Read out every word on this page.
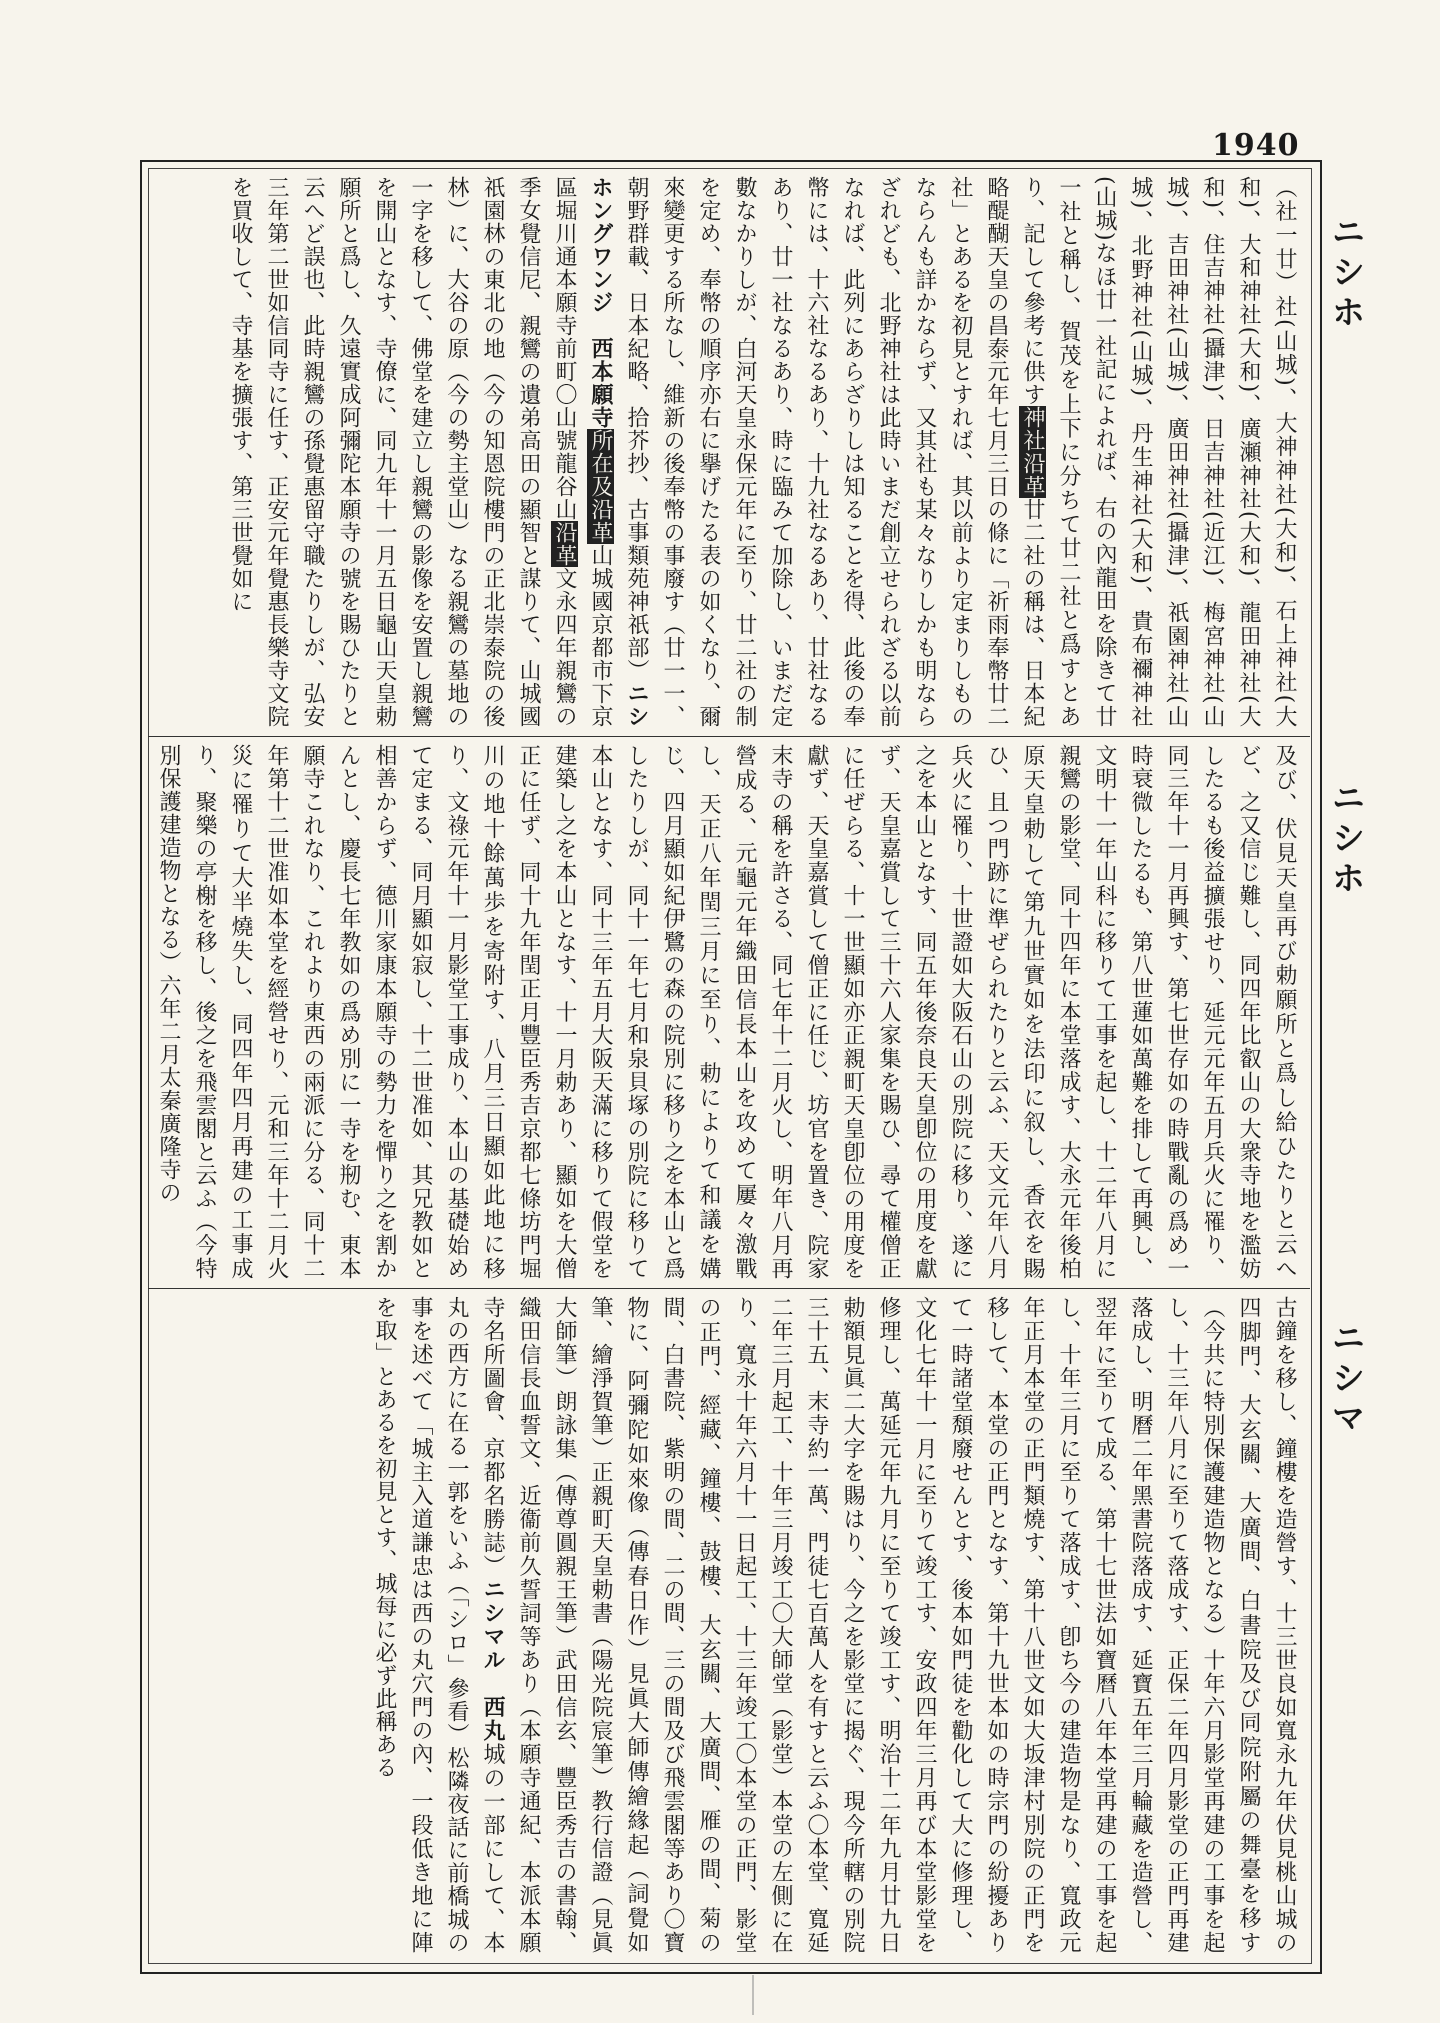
1940
ニシホ
ニシホ
ニシマ
（社一廿）社(山城)、大神神社(大和)、石上神社(大和)、大和神社(大和)、廣瀬神社(大和)、龍田神社(大和)、住吉神社(攝津)、日吉神社(近江)、梅宮神社(山城)、吉田神社(山城)、廣田神社(攝津)、祇園神社(山城)、北野神社(山城)、丹生神社(大和)、貴布禰神社(山城)なほ廿一社記によれば、右の內龍田を除きて廿一社と稱し、賀茂を上下に分ちて廿二社と爲すとあり、記して參考に供す神社沿革廿二社の稱は、日本紀略醍醐天皇の昌泰元年七月三日の條に「祈雨奉幣廿二社」とあるを初見とすれば、其以前より定まりしものならんも詳かならず、又其社も某々なりしかも明ならざれども、北野神社は此時いまだ創立せられざる以前なれば、此列にあらざりしは知ることを得、此後の奉幣には、十六社なるあり、十九社なるあり、廿社なるあり、廿一社なるあり、時に臨みて加除し、いまだ定數なかりしが、白河天皇永保元年に至り、廿二社の制を定め、奉幣の順序亦右に擧げたる表の如くなり、爾來變更する所なし、維新の後奉幣の事廢す（廿一一、朝野群載、日本紀略、拾芥抄、古事類苑神祇部）ニシホングワンジ　西本願寺所在及沿革山城國京都市下京區堀川通本願寺前町〇山號龍谷山沿革文永四年親鸞の季女覺信尼、親鸞の遺弟高田の顯智と謀りて、山城國祇園林の東北の地（今の知恩院樓門の正北崇泰院の後林）に、大谷の原（今の勢主堂山）なる親鸞の墓地の一字を移して、佛堂を建立し親鸞の影像を安置し親鸞を開山となす、寺僚に、同九年十一月五日龜山天皇勅願所と爲し、久遠實成阿彌陀本願寺の號を賜ひたりと云へど誤也、此時親鸞の孫覺惠留守職たりしが、弘安三年第二世如信同寺に任す、正安元年覺惠長樂寺文院を買收して、寺基を擴張す、第三世覺如に
及び、伏見天皇再び勅願所と爲し給ひたりと云へど、之又信じ難し、同四年比叡山の大衆寺地を濫妨したるも後益擴張せり、延元元年五月兵火に罹り、同三年十一月再興す、第七世存如の時戰亂の爲め一時衰微したるも、第八世蓮如萬難を排して再興し、文明十一年山科に移りて工事を起し、十二年八月に親鸞の影堂、同十四年に本堂落成す、大永元年後柏原天皇勅して第九世實如を法印に叙し、香衣を賜ひ、且つ門跡に準ぜられたりと云ふ、天文元年八月兵火に罹り、十世證如大阪石山の別院に移り、遂に之を本山となす、同五年後奈良天皇卽位の用度を獻ず、天皇嘉賞して三十六人家集を賜ひ、尋て權僧正に任ぜらる、十一世顯如亦正親町天皇卽位の用度を獻ず、天皇嘉賞して僧正に任じ、坊官を置き、院家末寺の稱を許さる、同七年十二月火し、明年八月再營成る、元龜元年織田信長本山を攻めて屢々激戰し、天正八年閏三月に至り、勅によりて和議を媾じ、四月顯如紀伊鷺の森の院別に移り之を本山と爲したりしが、同十一年七月和泉貝塚の別院に移りて本山となす、同十三年五月大阪天滿に移りて假堂を建築し之を本山となす、十一月勅あり、顯如を大僧正に任ず、同十九年閏正月豐臣秀吉京都七條坊門堀川の地十餘萬歩を寄附す、八月三日顯如此地に移り、文祿元年十一月影堂工事成り、本山の基礎始めて定まる、同月顯如寂し、十二世准如、其兄教如と相善からず、德川家康本願寺の勢力を憚り之を割かんとし、慶長七年教如の爲め別に一寺を剏む、東本願寺これなり、これより東西の兩派に分る、同十二年第十二世准如本堂を經營せり、元和三年十二月火災に罹りて大半燒失し、同四年四月再建の工事成り、聚樂の亭榭を移し、後之を飛雲閣と云ふ（今特別保護建造物となる）六年二月太秦廣隆寺の
古鐘を移し、鐘樓を造營す、十三世良如寬永九年伏見桃山城の四脚門、大玄關、大廣間、白書院及び同院附屬の舞臺を移す（今共に特別保護建造物となる）十年六月影堂再建の工事を起し、十三年八月に至りて落成す、正保二年四月影堂の正門再建落成し、明曆二年黑書院落成す、延寶五年三月輪藏を造營し、翌年に至りて成る、第十七世法如寶曆八年本堂再建の工事を起し、十年三月に至りて落成す、卽ち今の建造物是なり、寬政元年正月本堂の正門類燒す、第十八世文如大坂津村別院の正門を移して、本堂の正門となす、第十九世本如の時宗門の紛擾ありて一時諸堂頽廢せんとす、後本如門徒を勸化して大に修理し、文化七年十一月に至りて竣工す、安政四年三月再び本堂影堂を修理し、萬延元年九月に至りて竣工す、明治十二年九月廿九日勅額見眞二大字を賜はり、今之を影堂に揭ぐ、現今所轄の別院三十五、末寺約一萬、門徒七百萬人を有すと云ふ〇本堂、寬延二年三月起工、十年三月竣工〇大師堂（影堂）本堂の左側に在り、寬永十年六月十一日起工、十三年竣工〇本堂の正門、影堂の正門、經藏、鐘樓、鼓樓、大玄關、大廣間、雁の間、菊の間、白書院、紫明の間、二の間、三の間及び飛雲閣等あり〇寶物に、阿彌陀如來像（傳春日作）見眞大師傳繪緣起（詞覺如筆、繪淨賀筆）正親町天皇勅書（陽光院宸筆）教行信證（見眞大師筆）朗詠集（傳尊圓親王筆）武田信玄、豐臣秀吉の書翰、織田信長血誓文、近衞前久誓詞等あり（本願寺通紀、本派本願寺名所圖會、京都名勝誌）ニシマル　西丸城の一部にして、本丸の西方に在る一郭をいふ（「シロ」參看）松隣夜話に前橋城の事を述べて「城主入道謙忠は西の丸穴門の內、一段低き地に陣を取」とあるを初見とす、城每に必ず此稱ある
